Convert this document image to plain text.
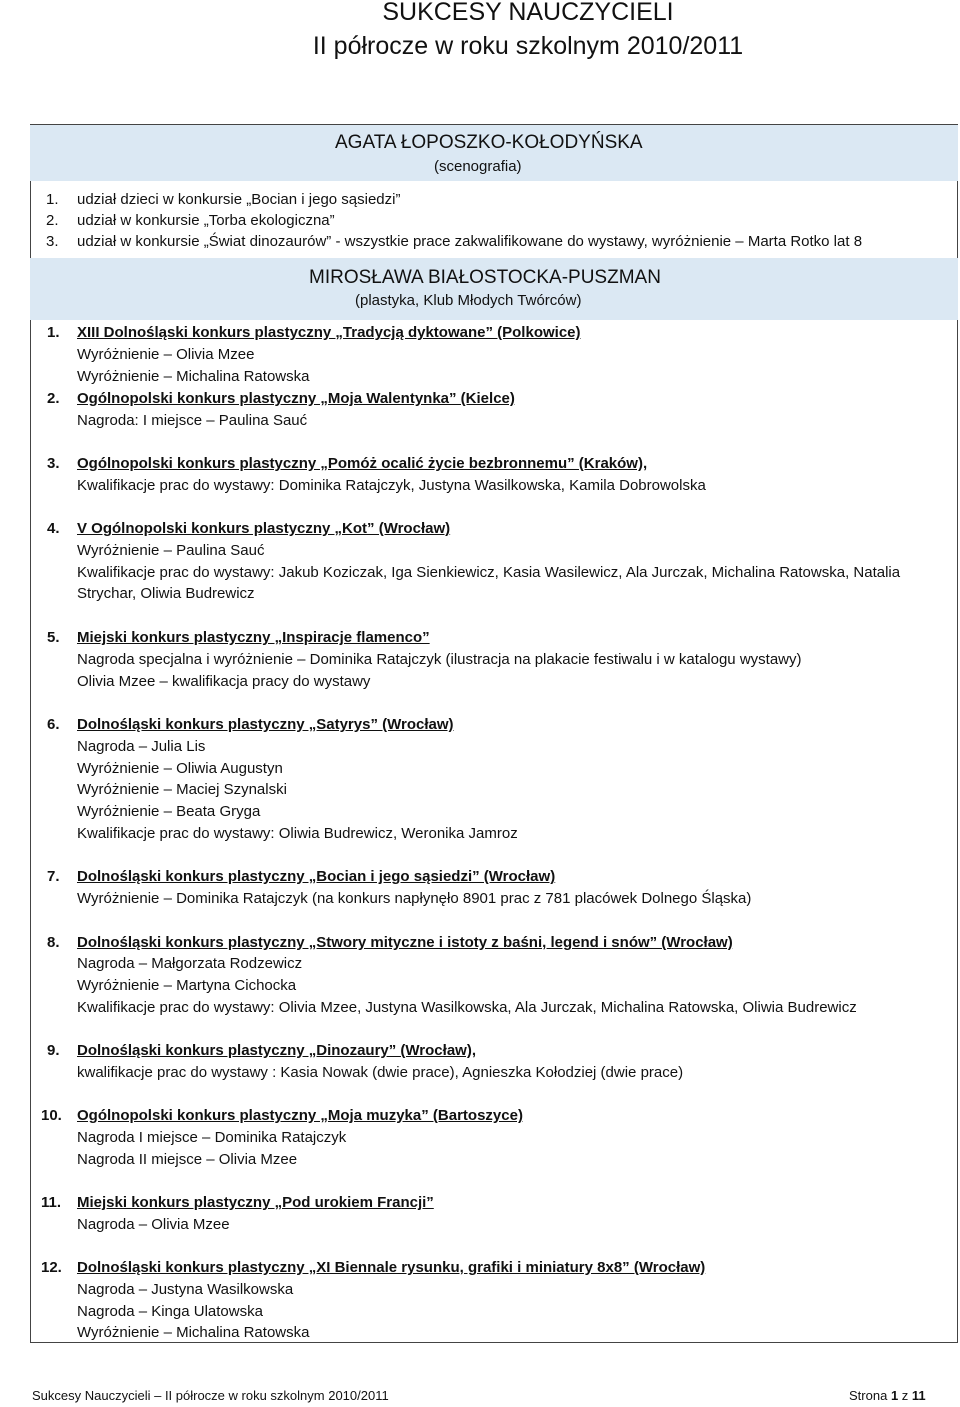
SUKCESY NAUCZYCIELI
II półrocze w roku szkolnym 2010/2011
AGATA ŁOPOSZKO-KOŁODYŃSKA
(scenografia)
1. udział dzieci w konkursie „Bocian i jego sąsiedzi”
2. udział w konkursie „Torba ekologiczna”
3. udział w konkursie „Świat dinozaurów” - wszystkie prace zakwalifikowane do wystawy, wyróżnienie – Marta Rotko lat 8
MIROSŁAWA BIAŁOSTOCKA-PUSZMAN
(plastyka, Klub Młodych Twórców)
1. XIII Dolnośląski konkurs plastyczny „Tradycją dyktowane” (Polkowice)
Wyróżnienie – Olivia Mzee
Wyróżnienie – Michalina Ratowska
2. Ogólnopolski konkurs plastyczny „Moja Walentynka” (Kielce)
Nagroda: I miejsce – Paulina Sauć
3. Ogólnopolski konkurs plastyczny „Pomóż ocalić życie bezbronnemu” (Kraków),
Kwalifikacje prac do wystawy: Dominika Ratajczyk, Justyna Wasilkowska, Kamila Dobrowolska
4. V Ogólnopolski konkurs plastyczny „Kot” (Wrocław)
Wyróżnienie – Paulina Sauć
Kwalifikacje prac do wystawy: Jakub Koziczak, Iga Sienkiewicz, Kasia Wasilewicz, Ala Jurczak, Michalina Ratowska, Natalia
Strychar, Oliwia Budrewicz
5. Miejski konkurs plastyczny „Inspiracje flamenco”
Nagroda specjalna i wyróżnienie – Dominika Ratajczyk (ilustracja na plakacie festiwalu i w katalogu wystawy)
Olivia Mzee – kwalifikacja pracy do wystawy
6. Dolnośląski konkurs plastyczny „Satyrys” (Wrocław)
Nagroda – Julia Lis
Wyróżnienie – Oliwia Augustyn
Wyróżnienie – Maciej Szynalski
Wyróżnienie – Beata Gryga
Kwalifikacje prac do wystawy: Oliwia Budrewicz, Weronika Jamroz
7. Dolnośląski konkurs plastyczny „Bocian i jego sąsiedzi” (Wrocław)
Wyróżnienie – Dominika Ratajczyk (na konkurs napłynęło 8901 prac z 781 placówek Dolnego Śląska)
8. Dolnośląski konkurs plastyczny „Stwory mityczne i istoty z baśni, legend i snów” (Wrocław)
Nagroda – Małgorzata Rodzewicz
Wyróżnienie – Martyna Cichocka
Kwalifikacje prac do wystawy: Olivia Mzee, Justyna Wasilkowska, Ala Jurczak, Michalina Ratowska, Oliwia Budrewicz
9. Dolnośląski konkurs plastyczny „Dinozaury” (Wrocław),
kwalifikacje prac do wystawy : Kasia Nowak (dwie prace), Agnieszka Kołodziej (dwie prace)
10. Ogólnopolski konkurs plastyczny „Moja muzyka” (Bartoszyce)
Nagroda I miejsce – Dominika Ratajczyk
Nagroda II miejsce – Olivia Mzee
11. Miejski konkurs plastyczny „Pod urokiem Francji”
Nagroda – Olivia Mzee
12. Dolnośląski konkurs plastyczny „XI Biennale rysunku, grafiki i miniatury 8x8” (Wrocław)
Nagroda – Justyna Wasilkowska
Nagroda – Kinga Ulatowska
Wyróżnienie – Michalina Ratowska
Sukcesy Nauczycieli – II półrocze w roku szkolnym 2010/2011	Strona 1 z 11
